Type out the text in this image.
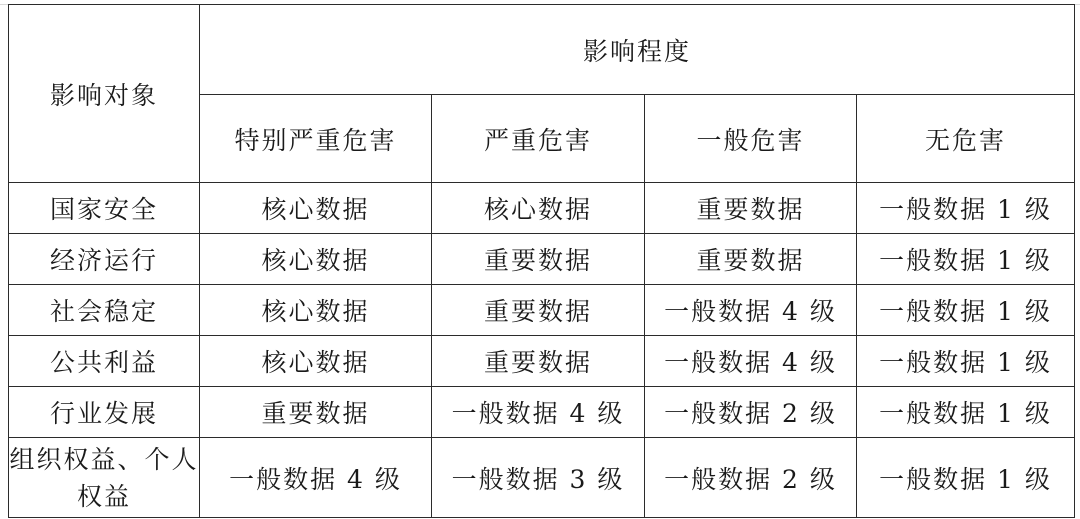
影响对象	影响程度			
	特别严重危害	严重危害	一般危害	无危害
国家安全	核心数据	核心数据	重要数据	一般数据 1 级
经济运行	核心数据	重要数据	重要数据	一般数据 1 级
社会稳定	核心数据	重要数据	一般数据 4 级	一般数据 1 级
公共利益	核心数据	重要数据	一般数据 4 级	一般数据 1 级
行业发展	重要数据	一般数据 4 级	一般数据 2 级	一般数据 1 级
组织权益、个人权益	一般数据 4 级	一般数据 3 级	一般数据 2 级	一般数据 1 级
